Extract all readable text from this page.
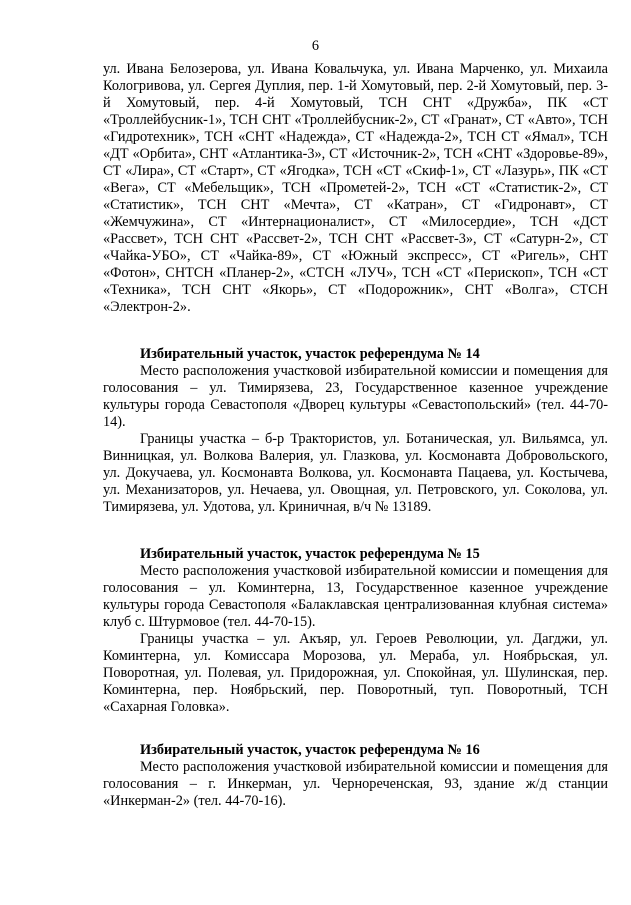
6

ул. Ивана Белозерова, ул. Ивана Ковальчука, ул. Ивана Марченко, ул. Михаила Кологривова, ул. Сергея Дуплия, пер. 1-й Хомутовый, пер. 2-й Хомутовый, пер. 3-й Хомутовый, пер. 4-й Хомутовый, ТСН СНТ «Дружба», ПК «СТ «Троллейбусник-1», ТСН СНТ «Троллейбусник-2», СТ «Гранат», СТ «Авто», ТСН «Гидротехник», ТСН «СНТ «Надежда», СТ «Надежда-2», ТСН СТ «Ямал», ТСН «ДТ «Орбита», СНТ «Атлантика-3», СТ «Источник-2», ТСН «СНТ «Здоровье-89», СТ «Лира», СТ «Старт», СТ «Ягодка», ТСН «СТ «Скиф-1», СТ «Лазурь», ПК «СТ «Вега», СТ «Мебельщик», ТСН «Прометей-2», ТСН «СТ «Статистик-2», СТ «Статистик», ТСН СНТ «Мечта», СТ «Катран», СТ «Гидронавт», СТ «Жемчужина», СТ «Интернационалист», СТ «Милосердие», ТСН «ДСТ «Рассвет», ТСН СНТ «Рассвет-2», ТСН СНТ «Рассвет-3», СТ «Сатурн-2», СТ «Чайка-УБО», СТ «Чайка-89», СТ «Южный экспресс», СТ «Ригель», СНТ «Фотон», СНТСН «Планер-2», «СТСН «ЛУЧ», ТСН «СТ «Перископ», ТСН «СТ «Техника», ТСН СНТ «Якорь», СТ «Подорожник», СНТ «Волга», СТСН «Электрон-2».

Избирательный участок, участок референдума № 14

Место расположения участковой избирательной комиссии и помещения для голосования – ул. Тимирязева, 23, Государственное казенное учреждение культуры города Севастополя «Дворец культуры «Севастопольский» (тел. 44-70-14).

Границы участка – б-р Трактористов, ул. Ботаническая, ул. Вильямса, ул. Винницкая, ул. Волкова Валерия, ул. Глазкова, ул. Космонавта Добровольского, ул. Докучаева, ул. Космонавта Волкова, ул. Космонавта Пацаева, ул. Костычева, ул. Механизаторов, ул. Нечаева, ул. Овощная, ул. Петровского, ул. Соколова, ул. Тимирязева, ул. Удотова, ул. Криничная, в/ч № 13189.

Избирательный участок, участок референдума № 15

Место расположения участковой избирательной комиссии и помещения для голосования – ул. Коминтерна, 13, Государственное казенное учреждение культуры города Севастополя «Балаклавская централизованная клубная система» клуб с. Штурмовое (тел. 44-70-15).

Границы участка – ул. Акъяр, ул. Героев Революции, ул. Дагджи, ул. Коминтерна, ул. Комиссара Морозова, ул. Мераба, ул. Ноябрьская, ул. Поворотная, ул. Полевая, ул. Придорожная, ул. Спокойная, ул. Шулинская, пер. Коминтерна, пер. Ноябрьский, пер. Поворотный, туп. Поворотный, ТСН «Сахарная Головка».

Избирательный участок, участок референдума № 16

Место расположения участковой избирательной комиссии и помещения для голосования – г. Инкерман, ул. Чернореченская, 93, здание ж/д станции «Инкерман-2» (тел. 44-70-16).
